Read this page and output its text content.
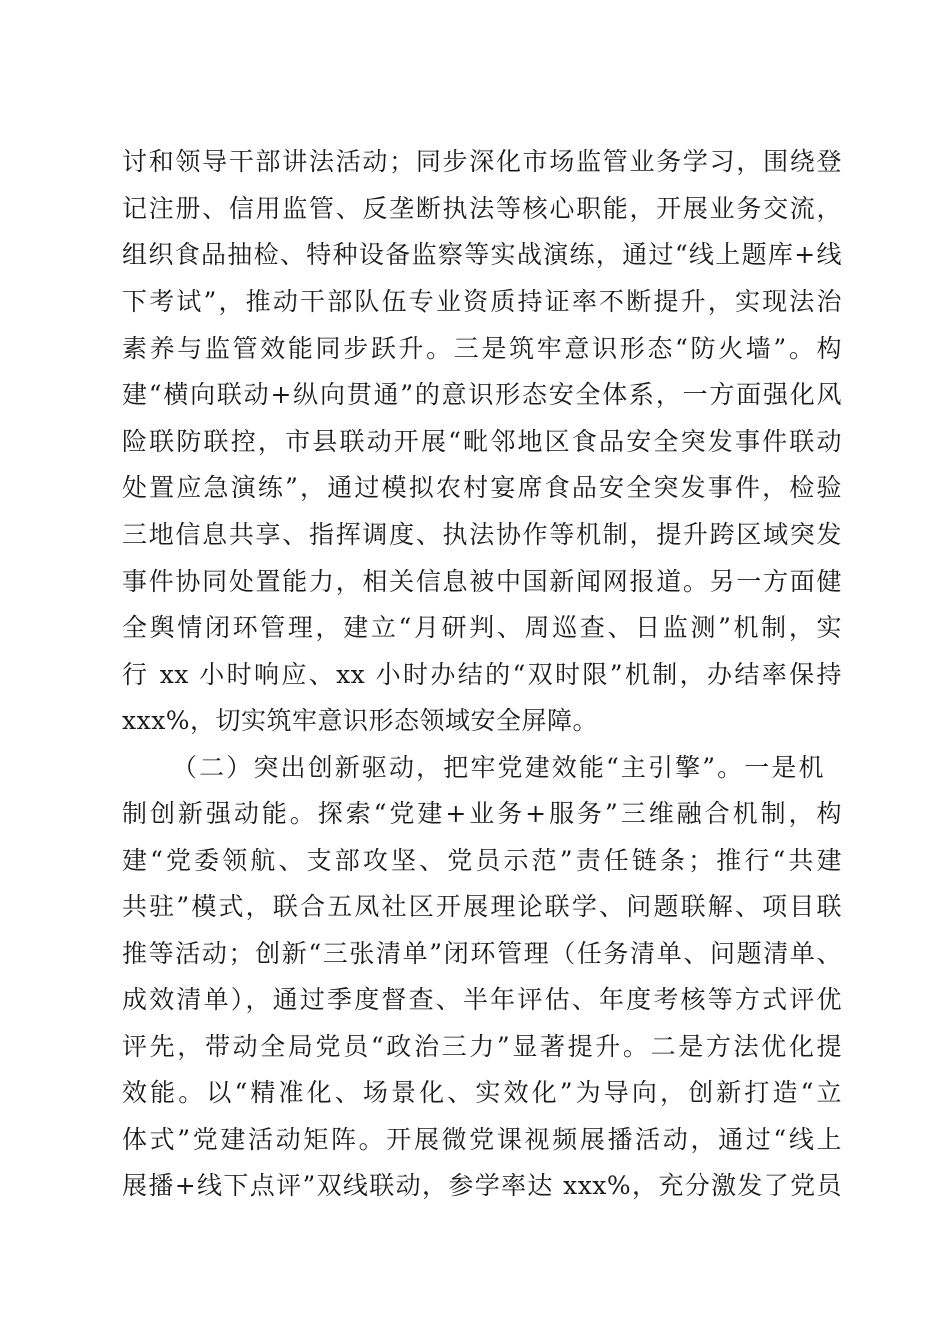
讨和领导干部讲法活动；同步深化市场监管业务学习，围绕登
记注册、信用监管、反垄断执法等核心职能，开展业务交流，
组织食品抽检、特种设备监察等实战演练，通过“线上题库+线
下考试”，推动干部队伍专业资质持证率不断提升，实现法治
素养与监管效能同步跃升。三是筑牢意识形态“防火墙”。构
建“横向联动+纵向贯通”的意识形态安全体系，一方面强化风
险联防联控，市县联动开展“毗邻地区食品安全突发事件联动
处置应急演练”，通过模拟农村宴席食品安全突发事件，检验
三地信息共享、指挥调度、执法协作等机制，提升跨区域突发
事件协同处置能力，相关信息被中国新闻网报道。另一方面健
全舆情闭环管理，建立“月研判、周巡查、日监测”机制，实
行 xx 小时响应、xx 小时办结的“双时限”机制，办结率保持
xxx%，切实筑牢意识形态领域安全屏障。
（二）突出创新驱动，把牢党建效能“主引擎”。一是机
制创新强动能。探索“党建+业务+服务”三维融合机制，构
建“党委领航、支部攻坚、党员示范”责任链条；推行“共建
共驻”模式，联合五凤社区开展理论联学、问题联解、项目联
推等活动；创新“三张清单”闭环管理（任务清单、问题清单、
成效清单），通过季度督查、半年评估、年度考核等方式评优
评先，带动全局党员“政治三力”显著提升。二是方法优化提
效能。以“精准化、场景化、实效化”为导向，创新打造“立
体式”党建活动矩阵。开展微党课视频展播活动，通过“线上
展播+线下点评”双线联动，参学率达 xxx%，充分激发了党员
